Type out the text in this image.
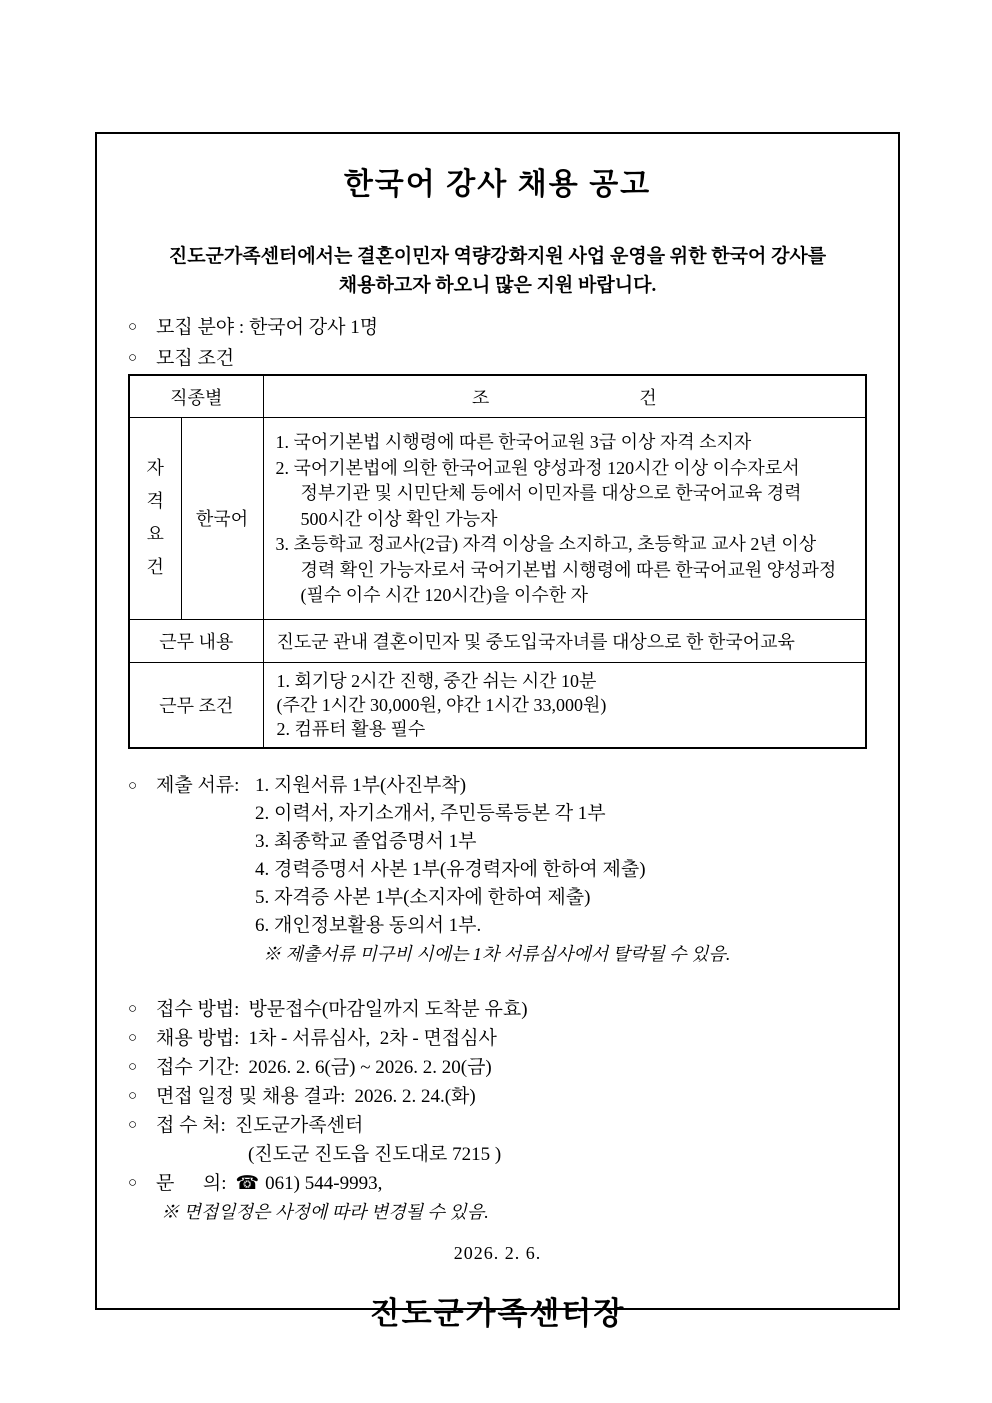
한국어 강사 채용 공고
진도군가족센터에서는 결혼이민자 역량강화지원 사업 운영을 위한 한국어 강사를
채용하고자 하오니 많은 지원 바랍니다.
○ 모집 분야 : 한국어 강사 1명
○ 모집 조건
직종별		조 건

자격요건	한국어	1. 국어기본법 시행령에 따른 한국어교원 3급 이상 자격 소지자
2. 국어기본법에 의한 한국어교원 양성과정 120시간 이상 이수자로서 정부기관 및 시민단체 등에서 이민자를 대상으로 한국어교육 경력 500시간 이상 확인 가능자
3. 초등학교 정교사(2급) 자격 이상을 소지하고, 초등학교 교사 2년 이상 경력 확인 가능자로서 국어기본법 시행령에 따른 한국어교원 양성과정(필수 이수 시간 120시간)을 이수한 자

근무 내용		진도군 관내 결혼이민자 및 중도입국자녀를 대상으로 한 한국어교육
근무 조건		1. 회기당 2시간 진행, 중간 쉬는 시간 10분
(주간 1시간 30,000원, 야간 1시간 33,000원)
2. 컴퓨터 활용 필수
○ 제출 서류: 1. 지원서류 1부(사진부착)
2. 이력서, 자기소개서, 주민등록등본 각 1부
3. 최종학교 졸업증명서 1부
4. 경력증명서 사본 1부(유경력자에 한하여 제출)
5. 자격증 사본 1부(소지자에 한하여 제출)
6. 개인정보활용 동의서 1부.
※ 제출서류 미구비 시에는 1차 서류심사에서 탈락될 수 있음.
○ 접수 방법: 방문접수(마감일까지 도착분 유효)
○ 채용 방법: 1차 - 서류심사,  2차 - 면접심사
○ 접수 기간: 2026. 2. 6(금) ~ 2026. 2. 20(금)
○ 면접 일정 및 채용 결과: 2026. 2. 24.(화)
○ 접 수 처: 진도군가족센터
(진도군 진도읍 진도대로 7215 )
○ 문      의: ☎ 061) 544-9993,
※ 면접일정은 사정에 따라 변경될 수 있음.
2026. 2. 6.
진도군가족센터장
